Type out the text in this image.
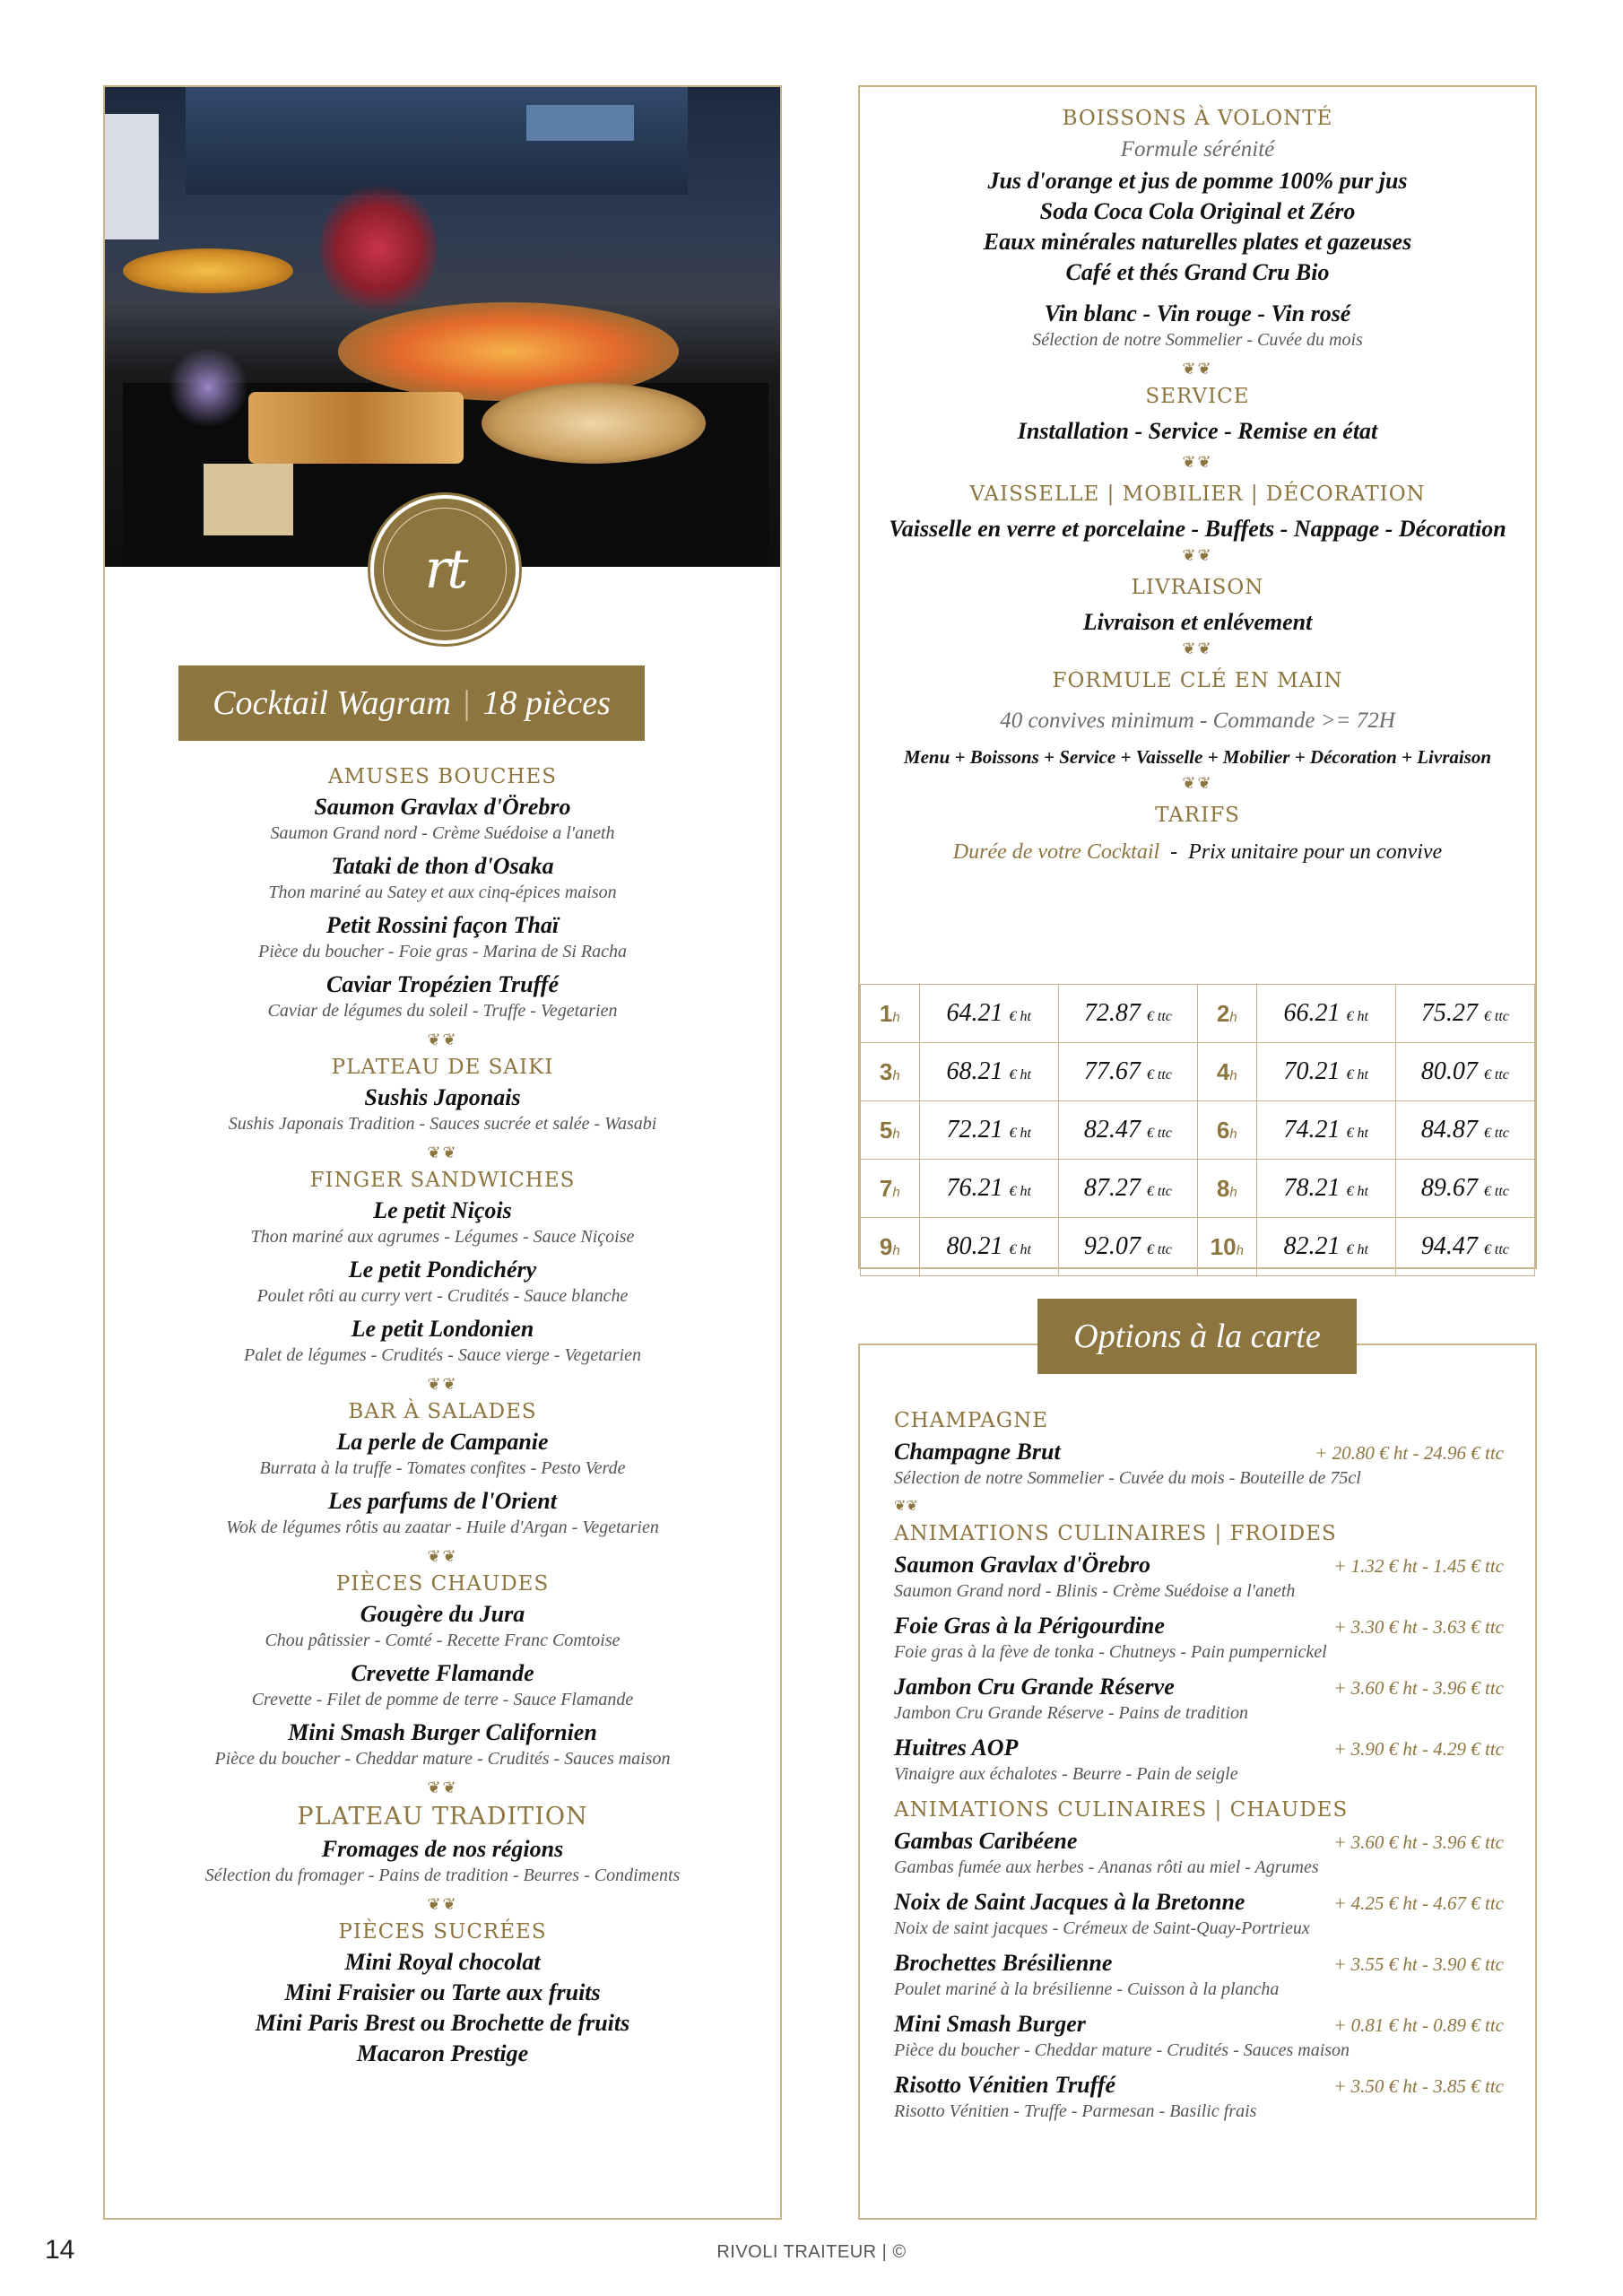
rt
Cocktail Wagram | 18 pièces
AMUSES BOUCHES
Saumon Gravlax d'Örebro
Saumon Grand nord - Crème Suédoise a l'aneth
Tataki de thon d'Osaka
Thon mariné au Satey et aux cinq-épices maison
Petit Rossini façon Thaï
Pièce du boucher - Foie gras - Marina de Si Racha
Caviar Tropézien Truffé
Caviar de légumes du soleil - Truffe - Vegetarien
❦❦
PLATEAU DE SAIKI
Sushis Japonais
Sushis Japonais Tradition - Sauces sucrée et salée - Wasabi
❦❦
FINGER SANDWICHES
Le petit Niçois
Thon mariné aux agrumes - Légumes - Sauce Niçoise
Le petit Pondichéry
Poulet rôti au curry vert - Crudités - Sauce blanche
Le petit Londonien
Palet de légumes - Crudités - Sauce vierge - Vegetarien
❦❦
BAR À SALADES
La perle de Campanie
Burrata à la truffe - Tomates confites - Pesto Verde
Les parfums de l'Orient
Wok de légumes rôtis au zaatar - Huile d'Argan - Vegetarien
❦❦
PIÈCES CHAUDES
Gougère du Jura
Chou pâtissier - Comté - Recette Franc Comtoise
Crevette Flamande
Crevette - Filet de pomme de terre - Sauce Flamande
Mini Smash Burger Californien
Pièce du boucher - Cheddar mature - Crudités - Sauces maison
❦❦
PLATEAU TRADITION
Fromages de nos régions
Sélection du fromager - Pains de tradition - Beurres - Condiments
❦❦
PIÈCES SUCRÉES
Mini Royal chocolat
Mini Fraisier ou Tarte aux fruits
Mini Paris Brest ou Brochette de fruits
Macaron Prestige
BOISSONS À VOLONTÉ
Formule sérénité
Jus d'orange et jus de pomme 100% pur jus
Soda Coca Cola Original et Zéro
Eaux minérales naturelles plates et gazeuses
Café et thés Grand Cru Bio
Vin blanc - Vin rouge - Vin rosé
Sélection de notre Sommelier - Cuvée du mois
❦❦
SERVICE
Installation - Service - Remise en état
❦❦
VAISSELLE | MOBILIER | DÉCORATION
Vaisselle en verre et porcelaine - Buffets - Nappage - Décoration
❦❦
LIVRAISON
Livraison et enlévement
❦❦
FORMULE CLÉ EN MAIN
40 convives minimum - Commande >= 72H
Menu + Boissons + Service + Vaisselle + Mobilier + Décoration + Livraison
❦❦
TARIFS
Durée de votre Cocktail - Prix unitaire pour un convive
1h	64.21 € ht	72.87 € ttc	2h	66.21 € ht	75.27 € ttc
3h	68.21 € ht	77.67 € ttc	4h	70.21 € ht	80.07 € ttc
5h	72.21 € ht	82.47 € ttc	6h	74.21 € ht	84.87 € ttc
7h	76.21 € ht	87.27 € ttc	8h	78.21 € ht	89.67 € ttc
9h	80.21 € ht	92.07 € ttc	10h	82.21 € ht	94.47 € ttc
CHAMPAGNE
Champagne Brut	+ 20.80 € ht - 24.96 € ttc
Sélection de notre Sommelier - Cuvée du mois - Bouteille de 75cl
❦❦
ANIMATIONS CULINAIRES | FROIDES
Saumon Gravlax d'Örebro	+ 1.32 € ht - 1.45 € ttc
Saumon Grand nord - Blinis - Crème Suédoise a l'aneth
Foie Gras à la Périgourdine	+ 3.30 € ht - 3.63 € ttc
Foie gras à la fève de tonka - Chutneys - Pain pumpernickel
Jambon Cru Grande Réserve	+ 3.60 € ht - 3.96 € ttc
Jambon Cru Grande Réserve - Pains de tradition
Huitres AOP	+ 3.90 € ht - 4.29 € ttc
Vinaigre aux échalotes - Beurre - Pain de seigle
ANIMATIONS CULINAIRES | CHAUDES
Gambas Caribéene	+ 3.60 € ht - 3.96 € ttc
Gambas fumée aux herbes - Ananas rôti au miel - Agrumes
Noix de Saint Jacques à la Bretonne	+ 4.25 € ht - 4.67 € ttc
Noix de saint jacques - Crémeux de Saint-Quay-Portrieux
Brochettes Brésilienne	+ 3.55 € ht - 3.90 € ttc
Poulet mariné à la brésilienne - Cuisson à la plancha
Mini Smash Burger	+ 0.81 € ht - 0.89 € ttc
Pièce du boucher - Cheddar mature - Crudités - Sauces maison
Risotto Vénitien Truffé	+ 3.50 € ht - 3.85 € ttc
Risotto Vénitien - Truffe - Parmesan - Basilic frais
Options à la carte
14	RIVOLI TRAITEUR | ©
